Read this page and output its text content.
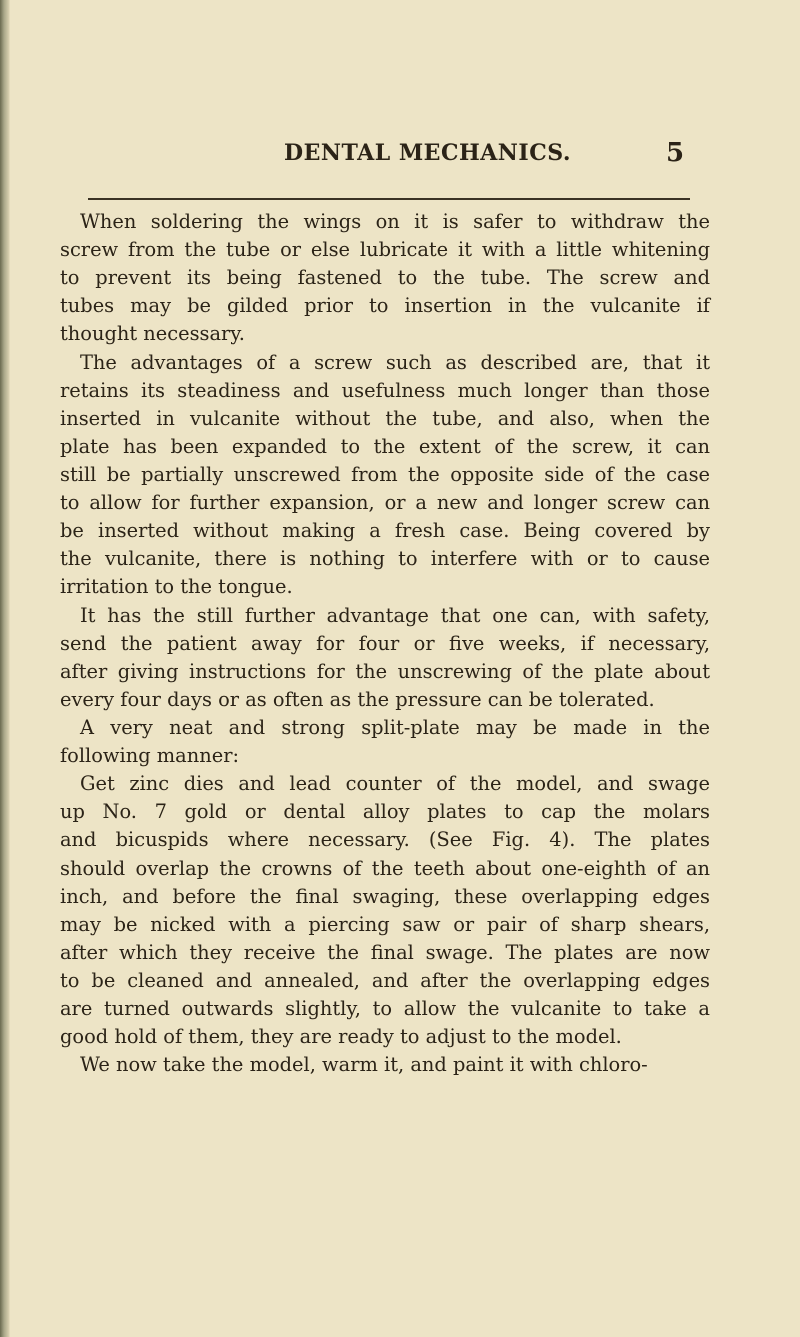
DENTAL MECHANICS.	5
When soldering the wings on it is safer to withdraw the
screw from the tube or else lubricate it with a little whitening
to prevent its being fastened to the tube. The screw and
tubes may be gilded prior to insertion in the vulcanite if
thought necessary.
The advantages of a screw such as described are, that it
retains its steadiness and usefulness much longer than those
inserted in vulcanite without the tube, and also, when the
plate has been expanded to the extent of the screw, it can
still be partially unscrewed from the opposite side of the case
to allow for further expansion, or a new and longer screw can
be inserted without making a fresh case. Being covered by
the vulcanite, there is nothing to interfere with or to cause
irritation to the tongue.
It has the still further advantage that one can, with safety,
send the patient away for four or five weeks, if necessary,
after giving instructions for the unscrewing of the plate about
every four days or as often as the pressure can be tolerated.
A very neat and strong split-plate may be made in the
following manner:
Get zinc dies and lead counter of the model, and swage
up No. 7 gold or dental alloy plates to cap the molars
and bicuspids where necessary. (See Fig. 4). The plates
should overlap the crowns of the teeth about one-eighth of an
inch, and before the final swaging, these overlapping edges
may be nicked with a piercing saw or pair of sharp shears,
after which they receive the final swage. The plates are now
to be cleaned and annealed, and after the overlapping edges
are turned outwards slightly, to allow the vulcanite to take a
good hold of them, they are ready to adjust to the model.
We now take the model, warm it, and paint it with chloro-
